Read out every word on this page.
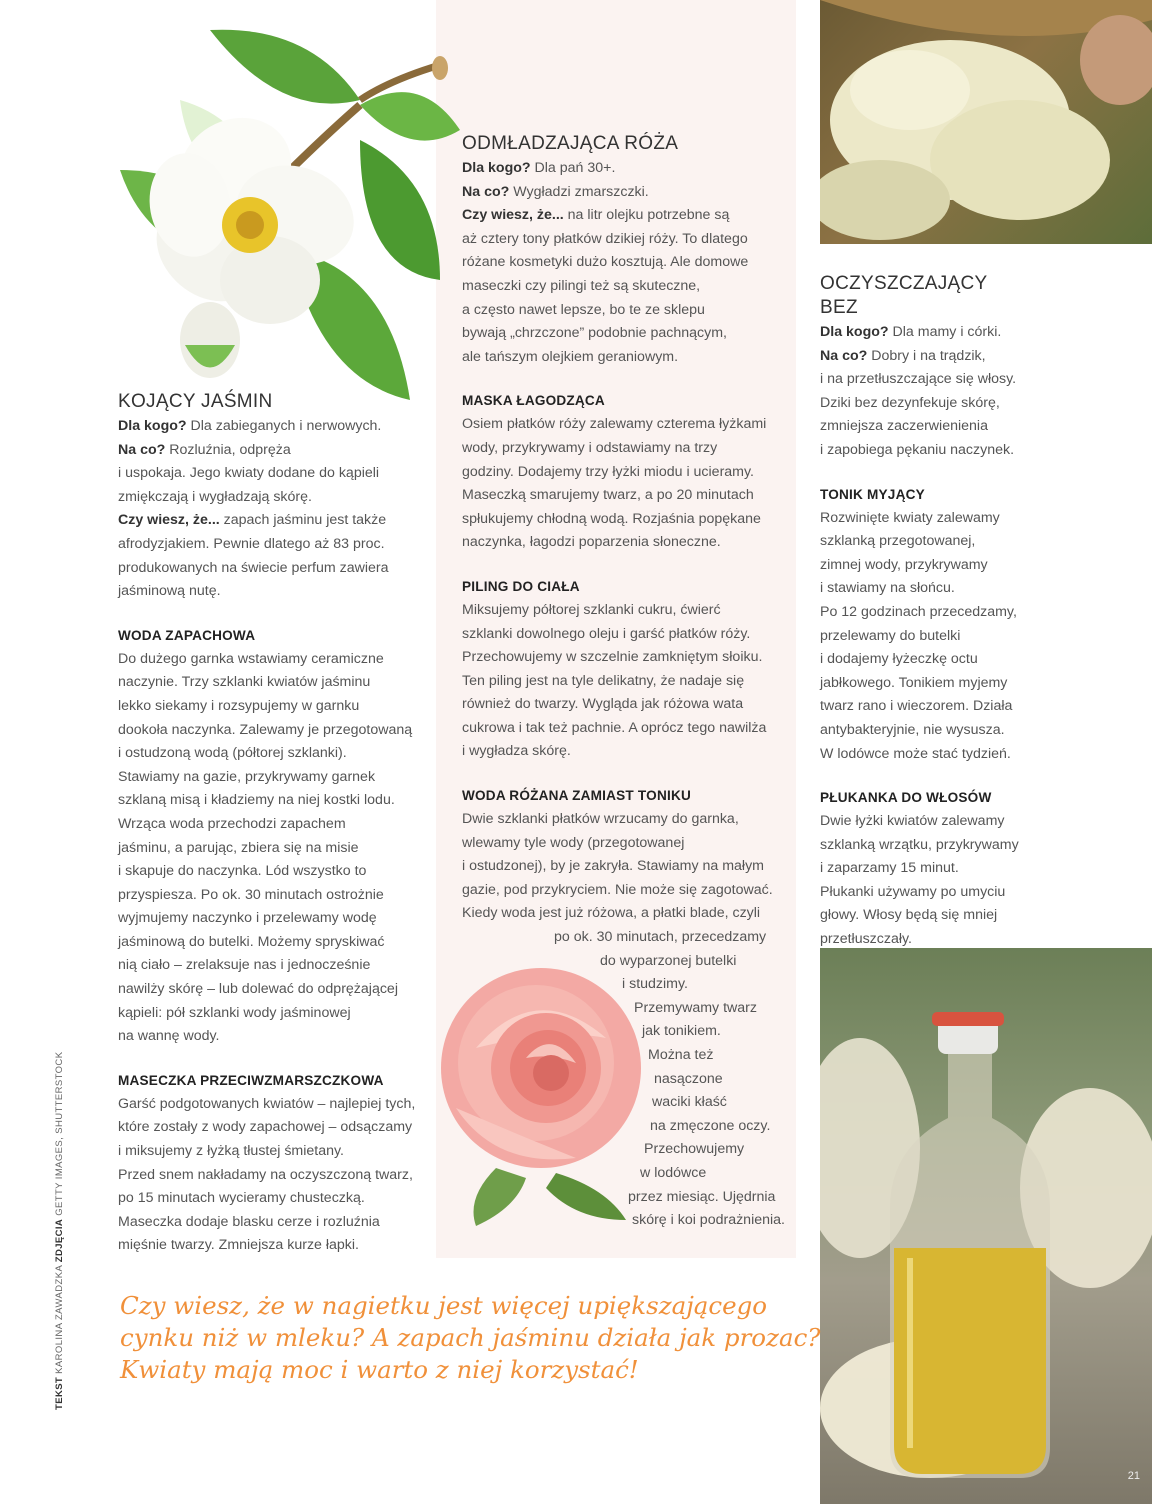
KOJĄCY JAŚMIN

Dla kogo? Dla zabieganych i nerwowych.

Na co? Rozluźnia, odpręża

i uspokaja. Jego kwiaty dodane do kąpieli
zmiękczają i wygładzają skórę.

Czy wiesz, że... zapach jaśminu jest także

afrodyzjakiem. Pewnie dlatego aż 83 proc.
produkowanych na świecie perfum zawiera
jaśminową nutę.
WODA ZAPACHOWA
Do dużego garnka wstawiamy ceramiczne
naczynie. Trzy szklanki kwiatów jaśminu
lekko siekamy i rozsypujemy w garnku
dookoła naczynka. Zalewamy je przegotowaną
i ostudzoną wodą (półtorej szklanki).
Stawiamy na gazie, przykrywamy garnek
szklaną misą i kładziemy na niej kostki lodu.
Wrząca woda przechodzi zapachem
jaśminu, a parując, zbiera się na misie
i skapuje do naczynka. Lód wszystko to
przyspiesza. Po ok. 30 minutach ostrożnie
wyjmujemy naczynko i przelewamy wodę
jaśminową do butelki. Możemy spryskiwać
nią ciało – zrelaksuje nas i jednocześnie
nawilży skórę – lub dolewać do odprężającej
kąpieli: pół szklanki wody jaśminowej
na wannę wody.
MASECZKA PRZECIWZMARSZCZKOWA
Garść podgotowanych kwiatów – najlepiej tych,
które zostały z wody zapachowej – odsączamy
i miksujemy z łyżką tłustej śmietany.
Przed snem nakładamy na oczyszczoną twarz,
po 15 minutach wycieramy chusteczką.
Maseczka dodaje blasku cerze i rozluźnia
mięśnie twarzy. Zmniejsza kurze łapki.
ODMŁADZAJĄCA RÓŻA

Dla kogo? Dla pań 30+.

Na co? Wygładzi zmarszczki.

Czy wiesz, że... na litr olejku potrzebne są

aż cztery tony płatków dzikiej róży. To dlatego
różane kosmetyki dużo kosztują. Ale domowe
maseczki czy pilingi też są skuteczne,
a często nawet lepsze, bo te ze sklepu
bywają „chrzczone” podobnie pachnącym,
ale tańszym olejkiem geraniowym.
MASKA ŁAGODZĄCA
Osiem płatków róży zalewamy czterema łyżkami
wody, przykrywamy i odstawiamy na trzy
godziny. Dodajemy trzy łyżki miodu i ucieramy.
Maseczką smarujemy twarz, a po 20 minutach
spłukujemy chłodną wodą. Rozjaśnia popękane
naczynka, łagodzi poparzenia słoneczne.
PILING DO CIAŁA
Miksujemy półtorej szklanki cukru, ćwierć
szklanki dowolnego oleju i garść płatków róży.
Przechowujemy w szczelnie zamkniętym słoiku.
Ten piling jest na tyle delikatny, że nadaje się
również do twarzy. Wygląda jak różowa wata
cukrowa i tak też pachnie. A oprócz tego nawilża
i wygładza skórę.
WODA RÓŻANA ZAMIAST TONIKU
Dwie szklanki płatków wrzucamy do garnka,
wlewamy tyle wody (przegotowanej
i ostudzonej), by je zakryła. Stawiamy na małym
gazie, pod przykryciem. Nie może się zagotować.
Kiedy woda jest już różowa, a płatki blade, czyli
po ok. 30 minutach, przecedzamy
do wyparzonej butelki
i studzimy.
Przemywamy twarz
jak tonikiem.
Można też
nasączone
waciki kłaść
na zmęczone oczy.
Przechowujemy
w lodówce
przez miesiąc. Ujędrnia
skórę i koi podrażnienia.
OCZYSZCZAJĄCY BEZ

Dla kogo? Dla mamy i córki.

Na co? Dobry i na trądzik,

i na przetłuszczające się włosy.
Dziki bez dezynfekuje skórę,
zmniejsza zaczerwienienia
i zapobiega pękaniu naczynek.
TONIK MYJĄCY
Rozwinięte kwiaty zalewamy
szklanką przegotowanej,
zimnej wody, przykrywamy
i stawiamy na słońcu.
Po 12 godzinach przecedzamy,
przelewamy do butelki
i dodajemy łyżeczkę octu
jabłkowego. Tonikiem myjemy
twarz rano i wieczorem. Działa
antybakteryjnie, nie wysusza.
W lodówce może stać tydzień.
PŁUKANKA DO WŁOSÓW
Dwie łyżki kwiatów zalewamy
szklanką wrzątku, przykrywamy
i zaparzamy 15 minut.
Płukanki używamy po umyciu
głowy. Włosy będą się mniej
przetłuszczały.
Czy wiesz, że w nagietku jest więcej upiększającego
cynku niż w mleku? A zapach jaśminu działa jak prozac?
Kwiaty mają moc i warto z niej korzystać!
TEKST KAROLINA ZAWADZKA ZDJĘCIA GETTY IMAGES, SHUTTERSTOCK
21
